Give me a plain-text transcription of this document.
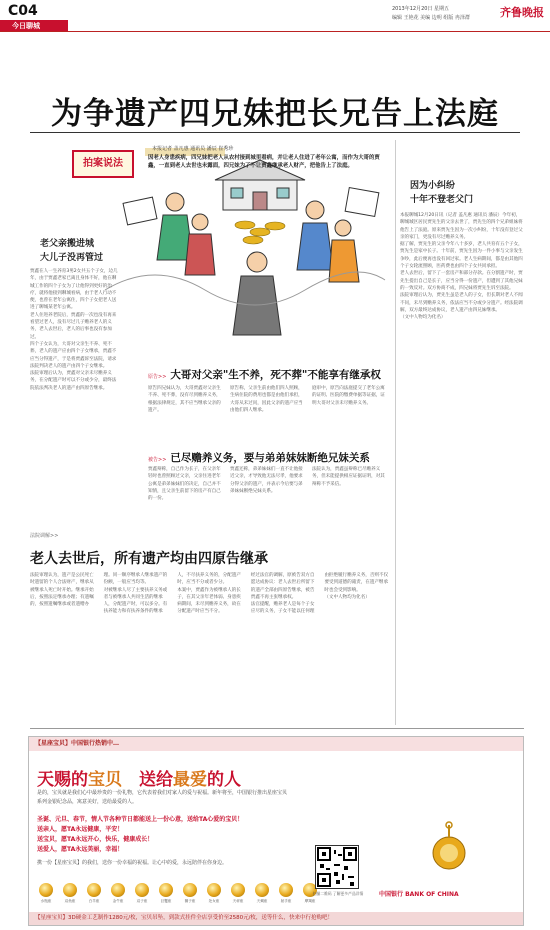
C04
今日聊城
2013年12月20日 星期五
编辑 王艳花 美编 边明 组版 冉泽群	齐鲁晚报
为争遗产四兄妹把长兄告上法庭
拍案说法
本报记者 盖凡惠 通讯员 潘辰 崔秀珍
因老人身患疾病，四兄妹把老人从农村接到城里看病，并让老人住进了老年公寓，而作为大哥的贾鑫，一直到老人去世也未露面，四兄妹为了不让贾鑫继承老人财产，把他告上了法庭。
老父亲搬进城
大儿子没再管过

贾鑫在人一生养育3男2女共五个子女，边几年，由于贾鑫老家已离且身体不好，他在聊城工作的四个子女为了让他得到更好的治疗，就将他接到聊城看病，由于老人行动不便，也曾在老年公寓住，四个子女把老人送进了聊城某老年公寓。

老人住进养老院后，贾鑫的一次也没有再来看望过老人，没有尽过儿子赡养老人的义务，老人去世后，老人的后事也没有参加过。

四个子女认为，大哥对父亲生不养、死不葬，老人的遗产应由四个子女继承，贾鑫不应当分得遗产，于是将贾鑫诉至法院，请求法院判决老人的遗产由四个子女继承。

法院审理后认为，贾鑫对父亲未尽赡养义务，在分配遗产时可以不分或少分，最终法院依法判决老人的遗产由四原告继承。

因为小纠纷
十年不登老父门

本报聊城12月20日讯（记者 盖凡惠 通讯员 潘辰）今年初，聊城城区居民贾先生的父亲去世了，贾先生的四个兄弟姐妹将他告上了法庭。原来贾先生因为一次小纠纷，十年没有登过父亲的家门，更没有尽过赡养义务。

据了解，贾先生的父亲今年八十多岁，老人共育有五个子女，贾先生是家中长子。十年前，贾先生因为一件小事与父亲发生争吵，此后便再也没有回过家。老人生病期间，都是由其他四个子女轮流照顾，医药费也由四个子女共同承担。

老人去世后，留下了一套房产和部分存款。在分割遗产时，贾先生提出自己是长子，应当分得一份遗产，但遭到了其他兄妹的一致反对。双方协商不成，四兄妹将贾先生诉至法院。

法院审理后认为，贾先生虽是老人的子女，但长期对老人不闻不问，未尽到赡养义务，依法应当不分或少分遗产。经法院调解，双方最终达成协议，老人遗产由四兄妹继承。

（文中人物均为化名）

原告>> 大哥对父亲"生不养，死不葬"不能享有继承权

原告四兄妹认为，大哥贾鑫对父亲生不养、死不葬，没有尽到赡养义务，根据法律规定，其不应当继承父亲的遗产。

原告称，父亲生前由他们四人照顾，生病住院的费用也都是由他们承担，大哥从未过问，因此父亲的遗产应当由他们四人继承。

庭审中，原告向法庭提交了老年公寓的证明、医院的缴费单据等证据，证明大哥对父亲未尽赡养义务。

被告>> 已尽赡养义务，要与弟弟妹妹断绝兄妹关系

贾鑫辩称，自己作为长子，在父亲年轻时也曾照顾过父亲，父亲住进老年公寓是弟弟妹妹们的决定，自己并不知情，且父亲生前留下的房产有自己的一份。

贾鑫还称，弟弟妹妹们一直不让他接近父亲，才导致他无法尽孝，他要求分得父亲的遗产，并表示今后要与弟弟妹妹断绝兄妹关系。

法院认为，贾鑫虽辩称已尽赡养义务，但未能提供相应证据证明，对其辩称不予采信。

法院调解>>
老人去世后，所有遗产均由四原告继承

法院审理认为，遗产是公民死亡时遗留的个人合法财产，继承从被继承人死亡时开始。继承开始后，按照法定继承办理；有遗嘱的，按照遗嘱继承或者遗赠办理。同一顺序继承人继承遗产的份额，一般应当均等。

对被继承人尽了主要扶养义务或者与被继承人共同生活的继承人，分配遗产时，可以多分。有扶养能力和有扶养条件的继承人，不尽扶养义务的，分配遗产时，应当不分或者少分。

本案中，贾鑫作为被继承人的长子，在其父亲年老体弱、身患疾病期间，未尽到赡养义务，故在分配遗产时应当不分。

经过法官的调解，原被告双方自愿达成协议：老人去世后所留下的遗产全部由四原告继承，被告贾鑫不再主张继承权。

法官提醒，赡养老人是每个子女应尽的义务，子女不能以任何理由拒绝履行赡养义务，否则不仅要受到道德的谴责，在遗产继承时也会受到影响。

（文中人物均为化名）

【星座宝贝】中国银行热销中…
天赐的宝贝  送给最爱的人
是的，宝贝就是我们心中最珍贵的一份礼物，它代表着我们对家人的爱与祝福。新年将至，中国银行推出星座宝贝系列金银纪念品，寓意美好，送给最爱的人。
圣诞、元旦、春节，情人节各种节日都能送上一份心意，送给TA心爱的宝贝！
送亲人，愿TA永远健康，平安！
送宝贝，愿TA永远开心，快乐，健康成长！
送爱人，愿TA永远美丽，幸福！
携一份【星座宝贝】的我们，送你一份幸福的祝福。让心中的爱，永远陪伴在你身边。
水瓶座	双鱼座	白羊座	金牛座	双子座	巨蟹座	狮子座	处女座	天秤座	天蝎座	射手座	摩羯座
扫描二维码 了解更多产品详情	中国银行 BANK OF CHINA
【星座宝贝】3D硬金工艺制作1280元/枚，宝贝吊坠，到款式挂件全店享受价至2580元/枚，送等什么，快来中行抢购吧！
